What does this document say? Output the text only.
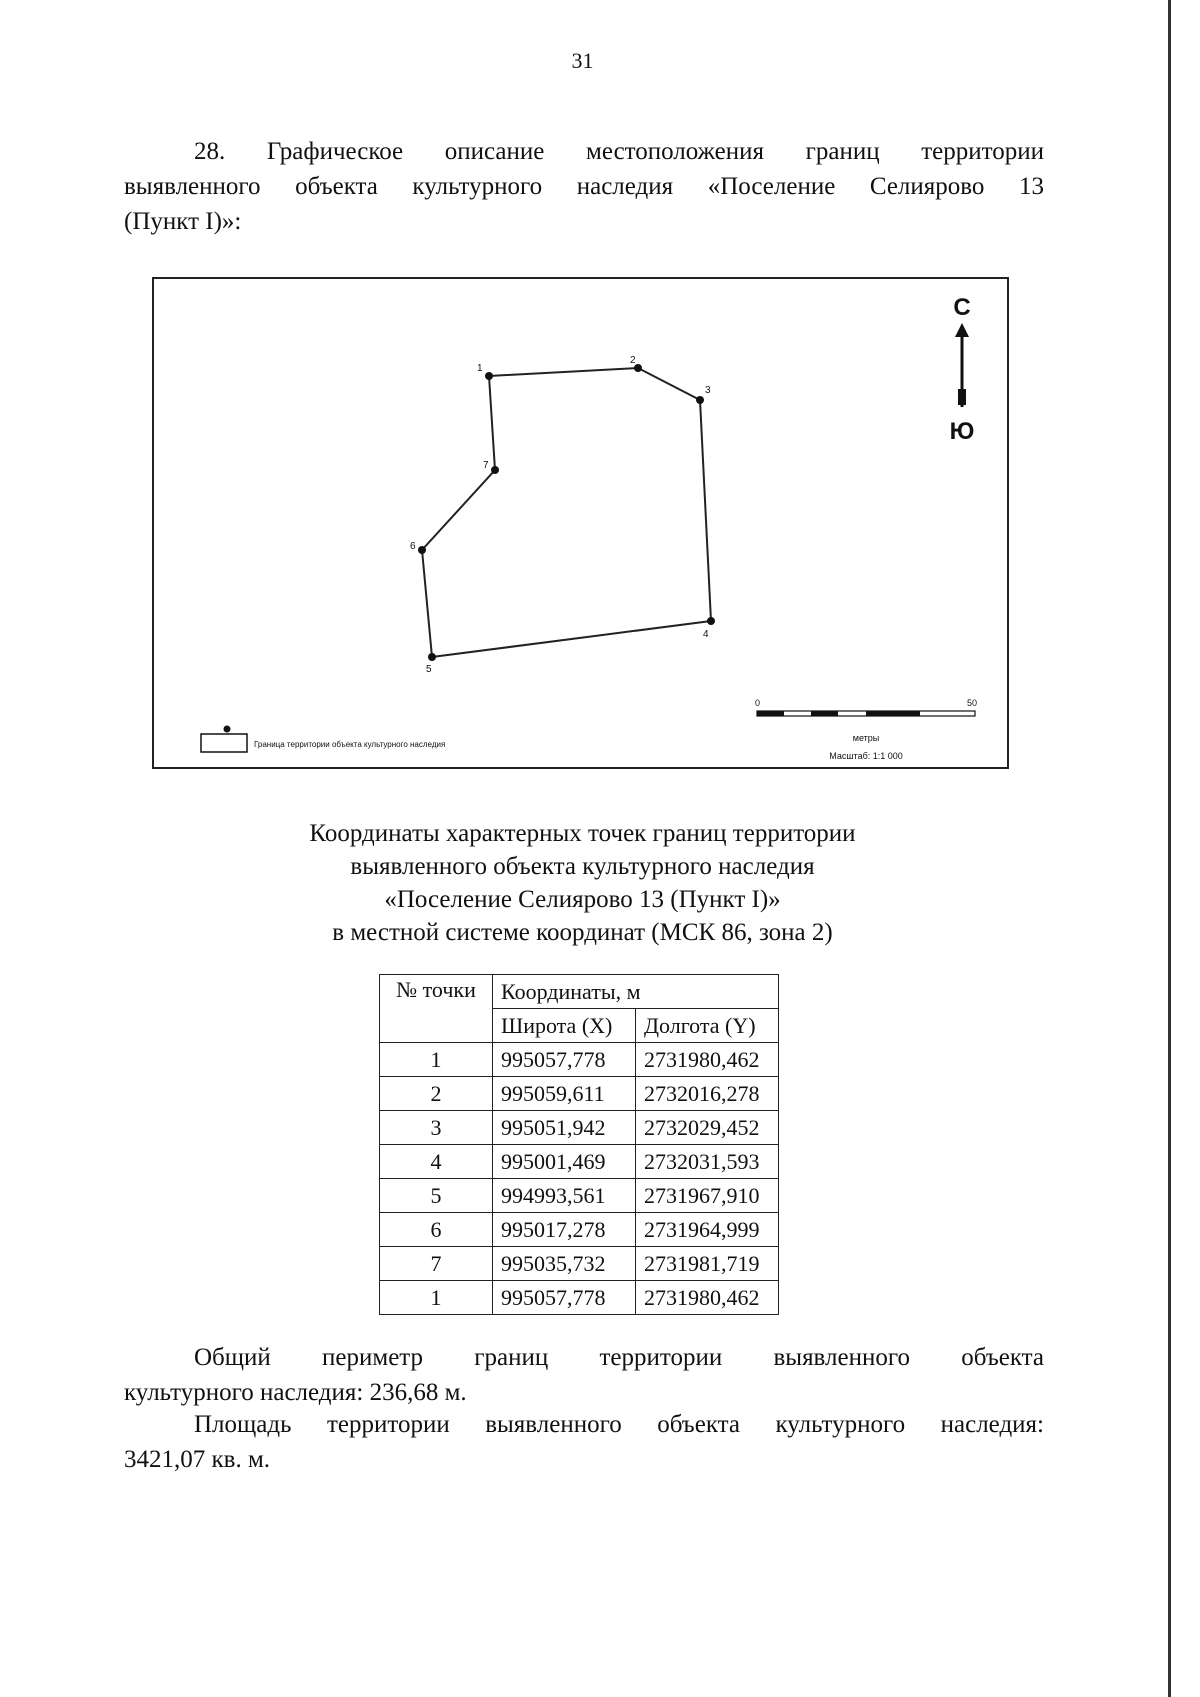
31

28. Графическое описание местоположения границ территории
выявленного объекта культурного наследия «Поселение Селиярово 13
(Пункт I)»:

1
2
3
4
5
6
7
С
Ю
0	50
метры
Масштаб: 1:1 000
Граница территории объекта культурного наследия
Координаты характерных точек границ территории
выявленного объекта культурного наследия
«Поселение Селиярово 13 (Пункт I)»
в местной системе координат (МСК 86, зона 2)
№ точки	Координаты, м	
	Широта (X)	Долгота (Y)
1	995057,778	2731980,462
2	995059,611	2732016,278
3	995051,942	2732029,452
4	995001,469	2732031,593
5	994993,561	2731967,910
6	995017,278	2731964,999
7	995035,732	2731981,719
1	995057,778	2731980,462

Общий периметр границ территории выявленного объекта
культурного наследия: 236,68 м.

Площадь территории выявленного объекта культурного наследия:
3421,07 кв. м.
